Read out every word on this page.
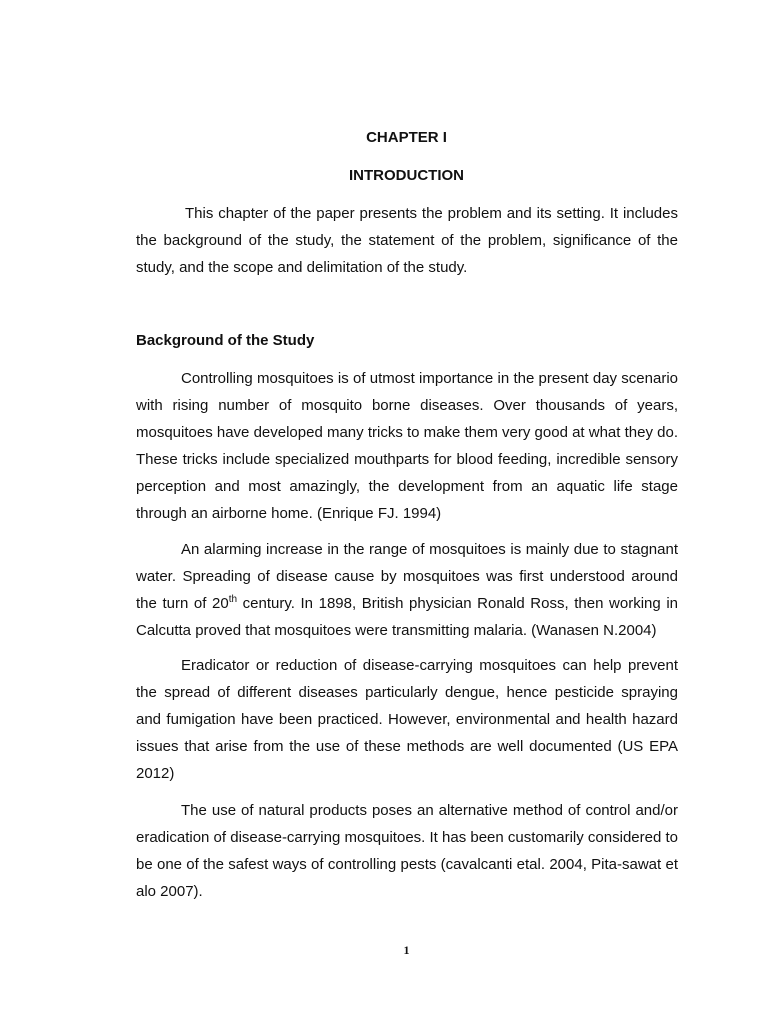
CHAPTER I
INTRODUCTION

This chapter of the paper presents the problem and its setting. It includes the background of the study, the statement of the problem, significance of the study, and the scope and delimitation of the study.

Background of the Study

Controlling mosquitoes is of utmost importance in the present day scenario with rising number of mosquito borne diseases. Over thousands of years, mosquitoes have developed many tricks to make them very good at what they do. These tricks include specialized mouthparts for blood feeding, incredible sensory perception and most amazingly, the development from an aquatic life stage through an airborne home. (Enrique FJ. 1994)

An alarming increase in the range of mosquitoes is mainly due to stagnant water. Spreading of disease cause by mosquitoes was first understood around the turn of 20th century. In 1898, British physician Ronald Ross, then working in Calcutta proved that mosquitoes were transmitting malaria. (Wanasen N.2004)

Eradicator or reduction of disease-carrying mosquitoes can help prevent the spread of different diseases particularly dengue, hence pesticide spraying and fumigation have been practiced. However, environmental and health hazard issues that arise from the use of these methods are well documented (US EPA 2012)

The use of natural products poses an alternative method of control and/or eradication of disease-carrying mosquitoes. It has been customarily considered to be one of the safest ways of controlling pests (cavalcanti etal. 2004, Pita-sawat et alo 2007).

1
